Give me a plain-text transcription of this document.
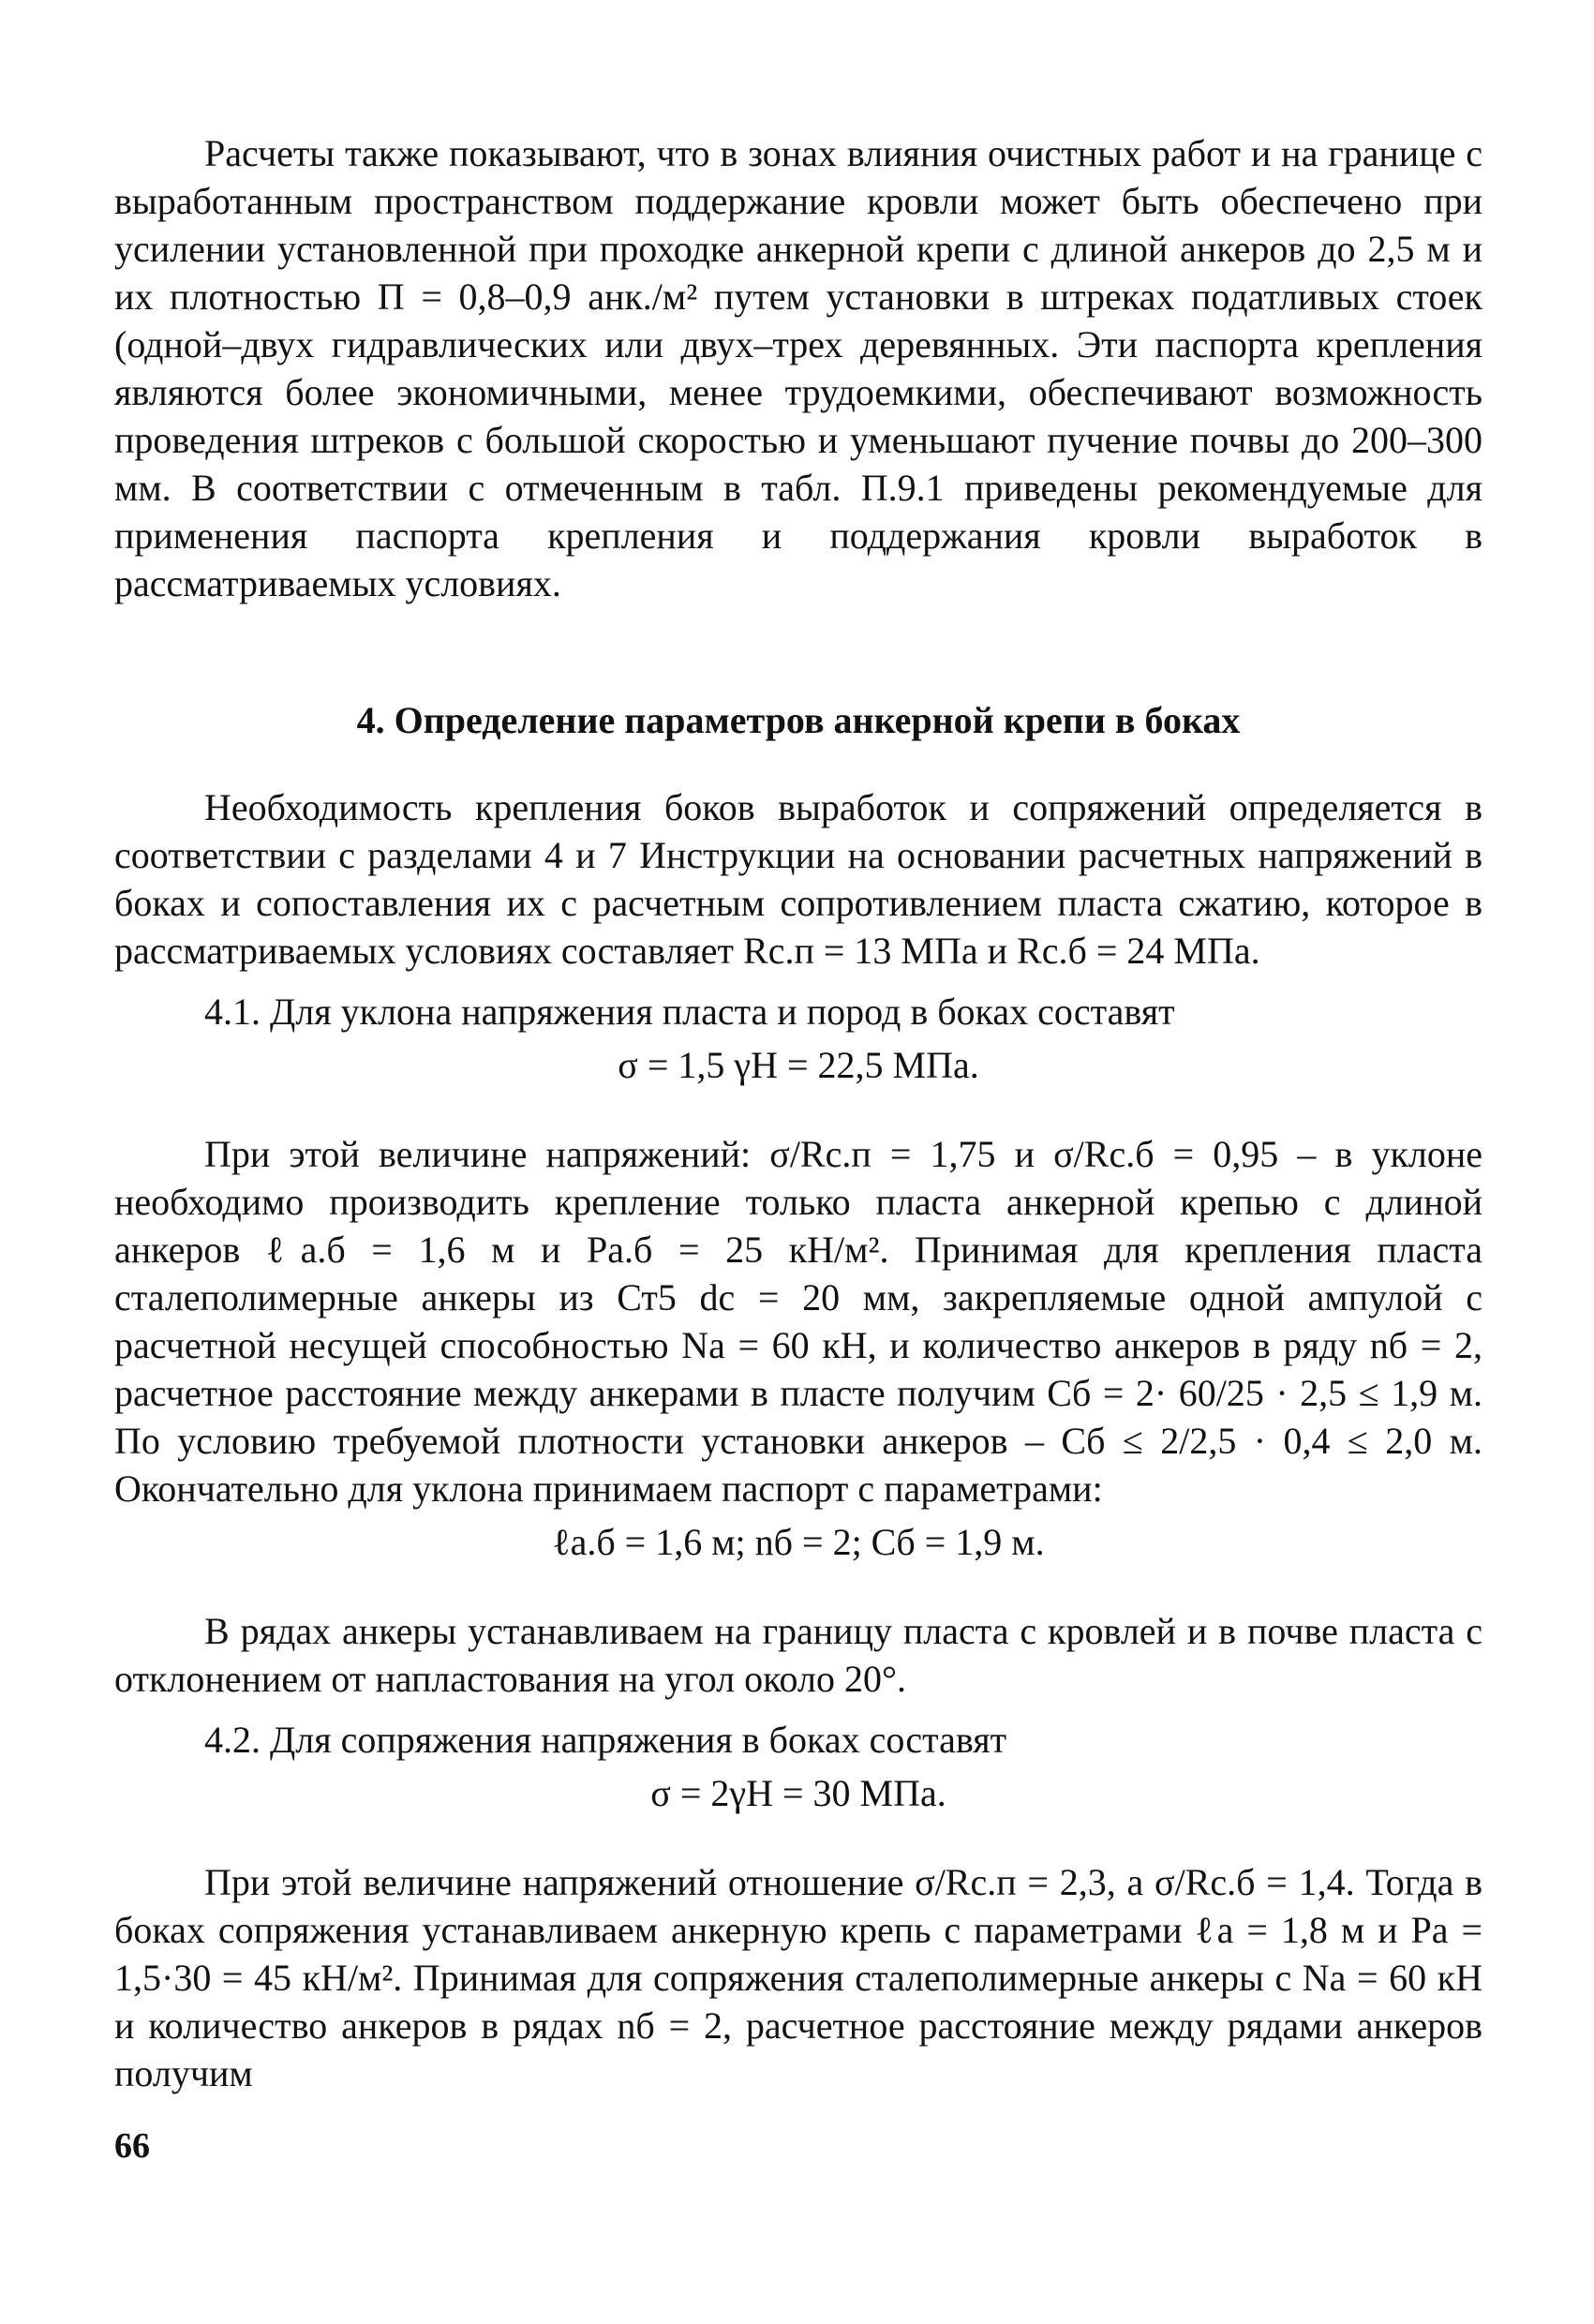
Расчеты также показывают, что в зонах влияния очистных работ и на границе с выработанным пространством поддержание кровли может быть обеспечено при усилении установленной при проходке анкерной крепи с длиной анкеров до 2,5 м и их плотностью П = 0,8–0,9 анк./м² путем установки в штреках податливых стоек (одной–двух гидравлических или двух–трех деревянных. Эти паспорта крепления являются более экономичными, менее трудоемкими, обеспечивают возможность проведения штреков с большой скоростью и уменьшают пучение почвы до 200–300 мм. В соответствии с отмеченным в табл. П.9.1 приведены рекомендуемые для применения паспорта крепления и поддержания кровли выработок в рассматриваемых условиях.

4. Определение параметров анкерной крепи в боках

Необходимость крепления боков выработок и сопряжений определяется в соответствии с разделами 4 и 7 Инструкции на основании расчетных напряжений в боках и сопоставления их с расчетным сопротивлением пласта сжатию, которое в рассматриваемых условиях составляет Rс.п = 13 МПа и Rс.б = 24 МПа.

4.1. Для уклона напряжения пласта и пород в боках составят

σ = 1,5 γH = 22,5 МПа.

При этой величине напряжений: σ/Rс.п = 1,75 и σ/Rс.б = 0,95 – в уклоне необходимо производить крепление только пласта анкерной крепью с длиной анкеров ℓа.б = 1,6 м и Pа.б = 25 кН/м². Принимая для крепления пласта сталеполимерные анкеры из Ст5 dс = 20 мм, закрепляемые одной ампулой с расчетной несущей способностью Nа = 60 кН, и количество анкеров в ряду nб = 2, расчетное расстояние между анкерами в пласте получим Cб = 2· 60/25 · 2,5 ≤ 1,9 м. По условию требуемой плотности установки анкеров – Cб ≤ 2/2,5 · 0,4 ≤ 2,0 м. Окончательно для уклона принимаем паспорт с параметрами:

ℓа.б = 1,6 м; nб = 2; Cб = 1,9 м.

В рядах анкеры устанавливаем на границу пласта с кровлей и в почве пласта с отклонением от напластования на угол около 20°.

4.2. Для сопряжения напряжения в боках составят

σ = 2γH = 30 МПа.

При этой величине напряжений отношение σ/Rс.п = 2,3, а σ/Rс.б = 1,4. Тогда в боках сопряжения устанавливаем анкерную крепь с параметрами ℓа = 1,8 м и Pа = 1,5·30 = 45 кН/м². Принимая для сопряжения сталеполимерные анкеры с Nа = 60 кН и количество анкеров в рядах nб = 2, расчетное расстояние между рядами анкеров получим

66
